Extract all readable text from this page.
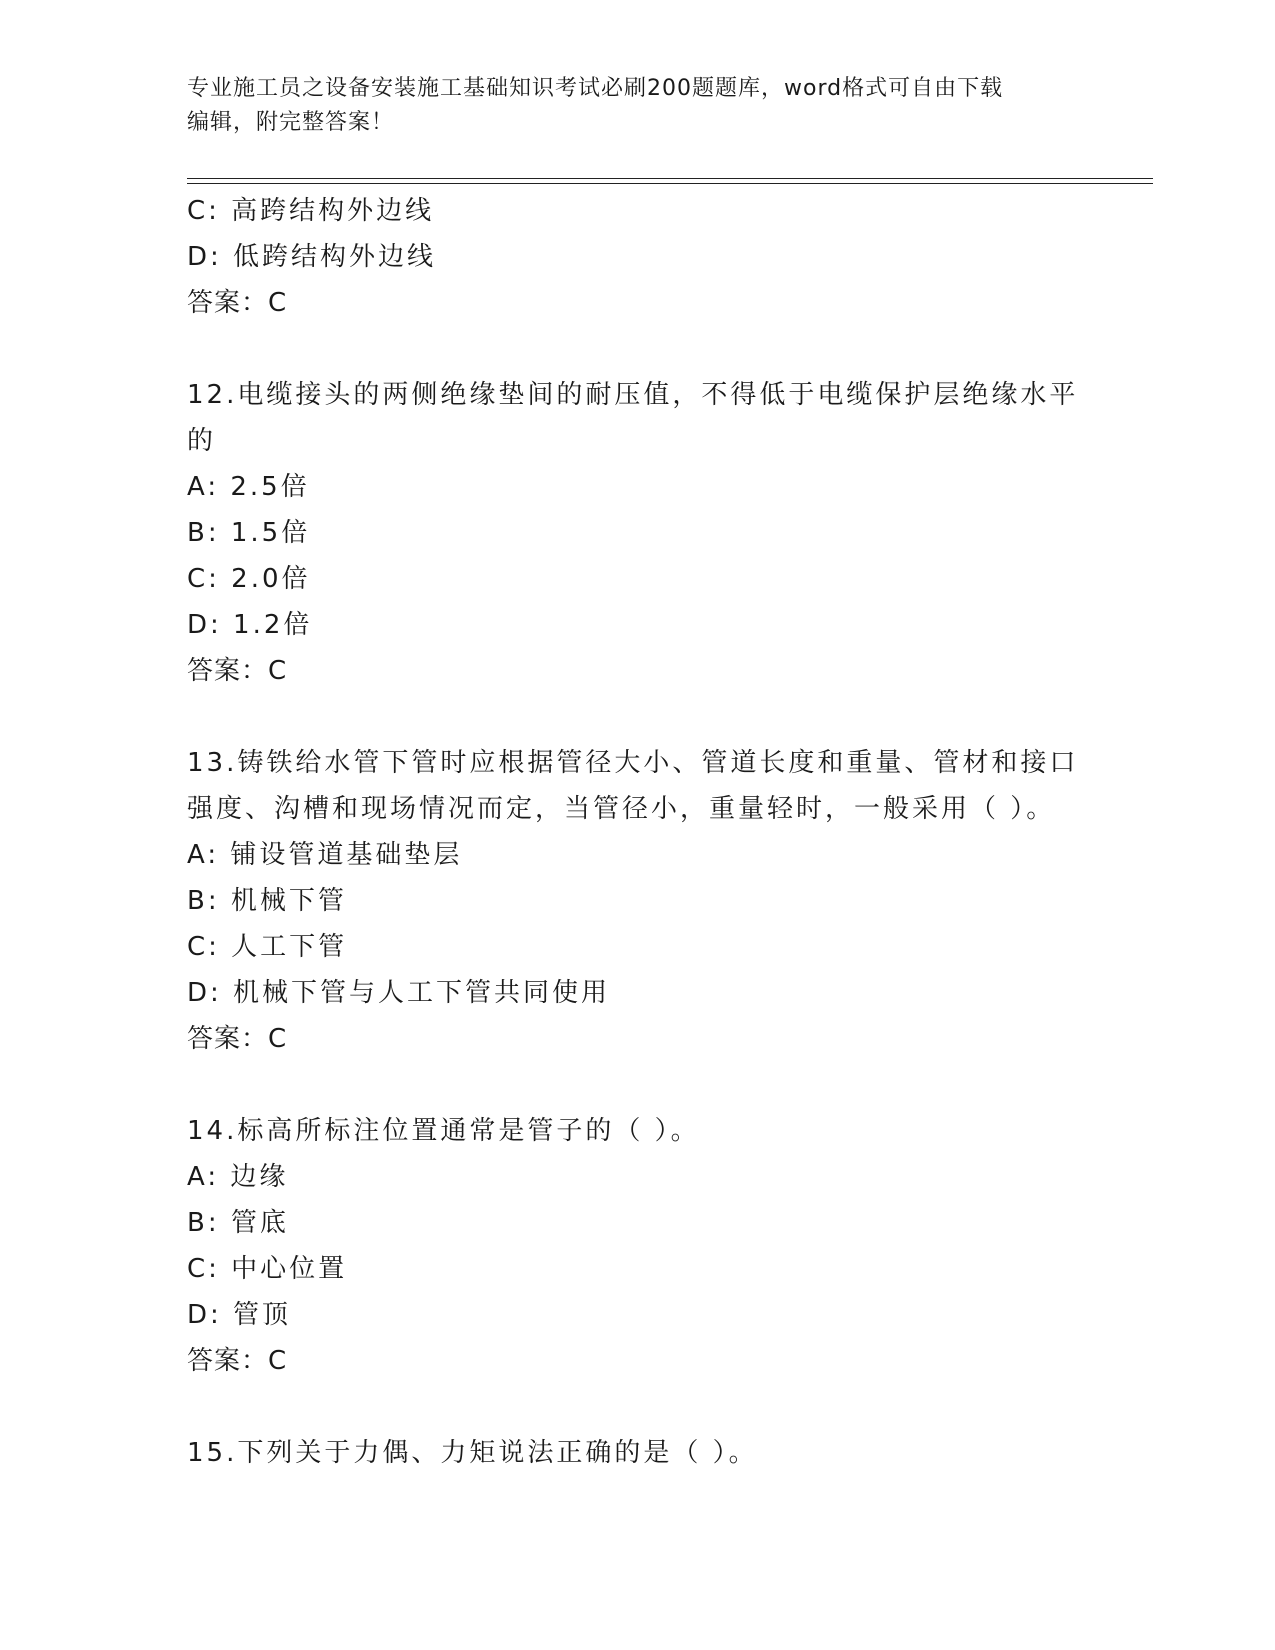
专业施工员之设备安装施工基础知识考试必刷200题题库，word格式可自由下载
编辑，附完整答案！
C: 高跨结构外边线
D: 低跨结构外边线
答案：C
12.电缆接头的两侧绝缘垫间的耐压值，不得低于电缆保护层绝缘水平
的
A: 2.5倍
B: 1.5倍
C: 2.0倍
D: 1.2倍
答案：C
13.铸铁给水管下管时应根据管径大小、管道长度和重量、管材和接口
强度、沟槽和现场情况而定，当管径小，重量轻时，一般采用（ ）。
A: 铺设管道基础垫层
B: 机械下管
C: 人工下管
D: 机械下管与人工下管共同使用
答案：C
14.标高所标注位置通常是管子的（ ）。
A: 边缘
B: 管底
C: 中心位置
D: 管顶
答案：C
15.下列关于力偶、力矩说法正确的是（ ）。
